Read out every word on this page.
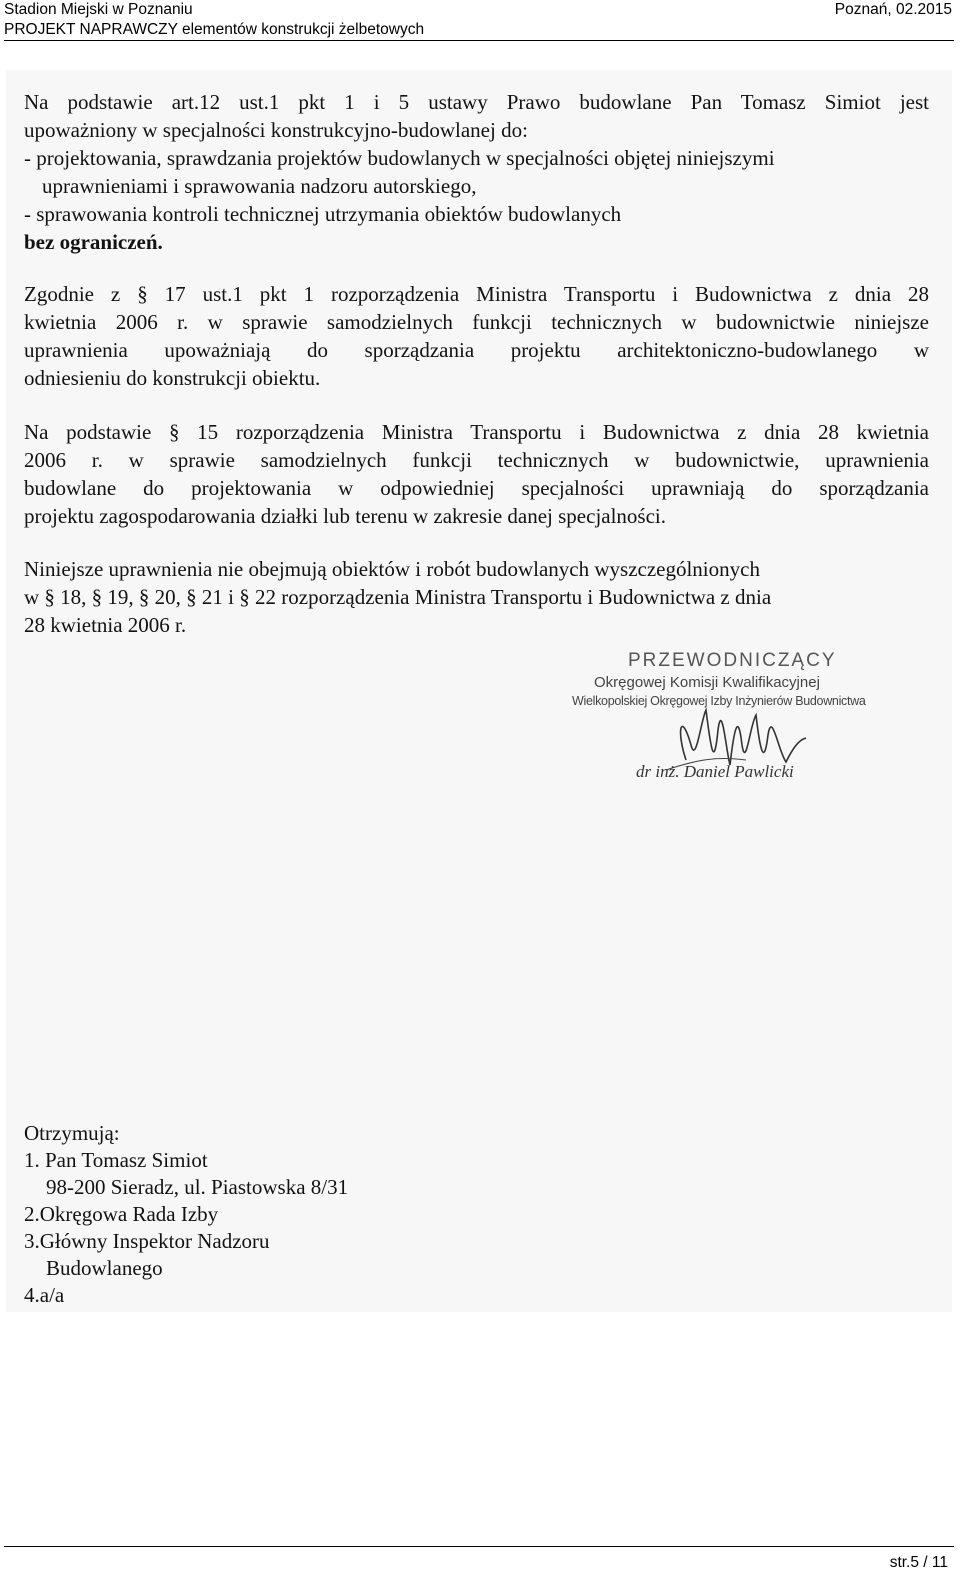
Stadion Miejski w Poznaniu
PROJEKT NAPRAWCZY elementów konstrukcji żelbetowych
Poznań, 02.2015
Na podstawie art.12 ust.1 pkt 1 i 5 ustawy Prawo budowlane Pan Tomasz Simiot jest
upoważniony w specjalności konstrukcyjno-budowlanej do:
- projektowania, sprawdzania projektów budowlanych w specjalności objętej niniejszymi
uprawnieniami i sprawowania nadzoru autorskiego,
- sprawowania kontroli technicznej utrzymania obiektów budowlanych
bez ograniczeń.
Zgodnie z § 17 ust.1 pkt 1 rozporządzenia Ministra Transportu i Budownictwa z dnia 28
kwietnia 2006 r. w sprawie samodzielnych funkcji technicznych w budownictwie niniejsze
uprawnienia upoważniają do sporządzania projektu architektoniczno-budowlanego w
odniesieniu do konstrukcji obiektu.
Na podstawie § 15 rozporządzenia Ministra Transportu i Budownictwa z dnia 28 kwietnia
2006 r. w sprawie samodzielnych funkcji technicznych w budownictwie, uprawnienia
budowlane do projektowania w odpowiedniej specjalności uprawniają do sporządzania
projektu zagospodarowania działki lub terenu w zakresie danej specjalności.
Niniejsze uprawnienia nie obejmują obiektów i robót budowlanych wyszczególnionych
w § 18, § 19, § 20, § 21 i § 22 rozporządzenia Ministra Transportu i Budownictwa z dnia
28 kwietnia 2006 r.
PRZEWODNICZĄCY
Okręgowej Komisji Kwalifikacyjnej
Wielkopolskiej Okręgowej Izby Inżynierów Budownictwa
dr inż. Daniel Pawlicki
Otrzymują:
1. Pan Tomasz Simiot
98-200 Sieradz, ul. Piastowska 8/31
2.Okręgowa Rada Izby
3.Główny Inspektor Nadzoru
Budowlanego
4.a/a
str.5 / 11
